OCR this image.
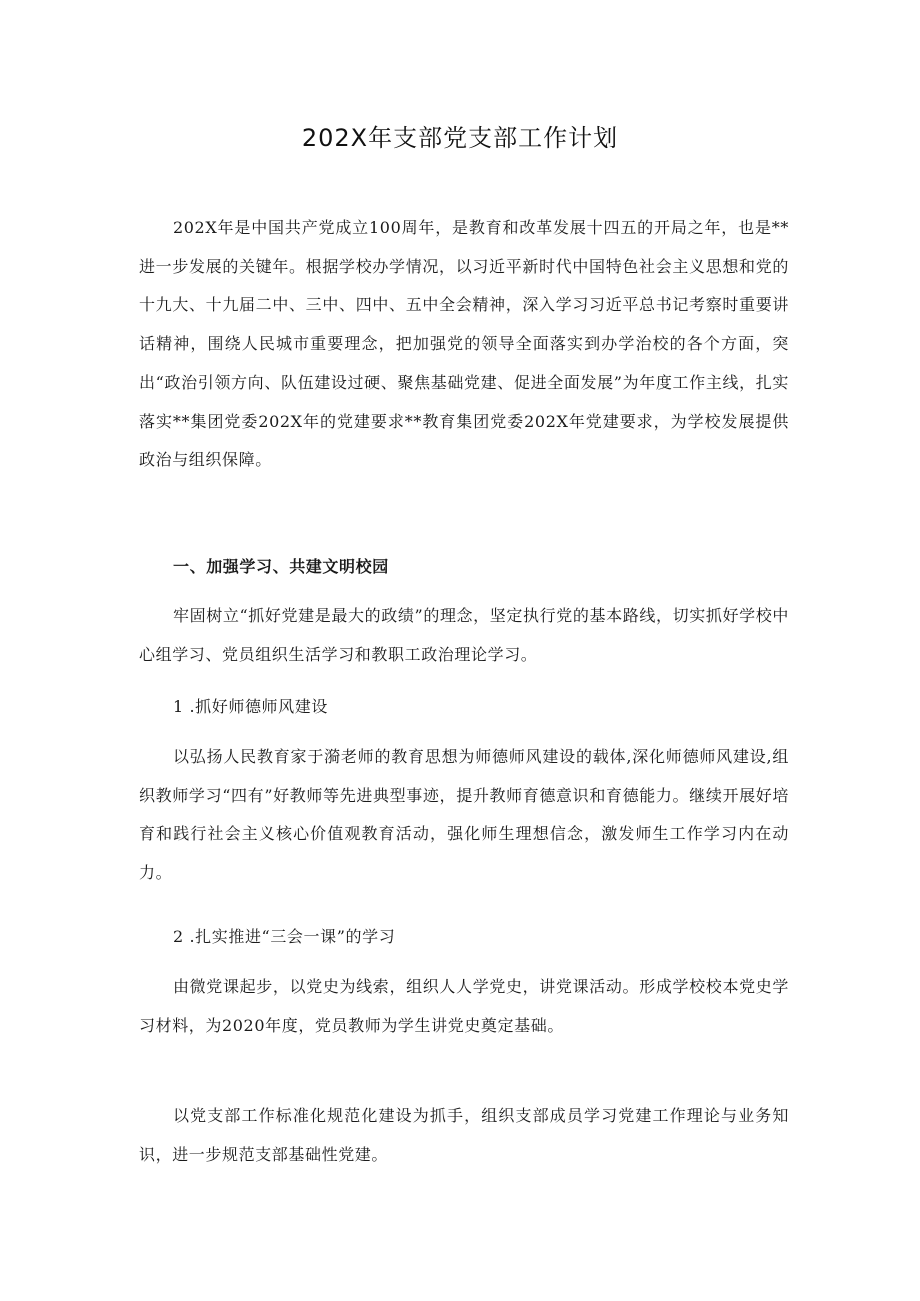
202X年支部党支部工作计划

202X年是中国共产党成立100周年，是教育和改革发展十四五的开局之年，也是**进一步发展的关键年。根据学校办学情况，以习近平新时代中国特色社会主义思想和党的十九大、十九届二中、三中、四中、五中全会精神，深入学习习近平总书记考察时重要讲话精神，围绕人民城市重要理念，把加强党的领导全面落实到办学治校的各个方面，突出“政治引领方向、队伍建设过硬、聚焦基础党建、促进全面发展”为年度工作主线，扎实落实**集团党委202X年的党建要求**教育集团党委202X年党建要求，为学校发展提供政治与组织保障。

一、加强学习、共建文明校园

牢固树立“抓好党建是最大的政绩”的理念，坚定执行党的基本路线，切实抓好学校中心组学习、党员组织生活学习和教职工政治理论学习。

1 .抓好师德师风建设

以弘扬人民教育家于漪老师的教育思想为师德师风建设的载体,深化师德师风建设,组织教师学习“四有”好教师等先进典型事迹，提升教师育德意识和育德能力。继续开展好培育和践行社会主义核心价值观教育活动，强化师生理想信念，激发师生工作学习内在动力。

2 .扎实推进“三会一课”的学习

由微党课起步，以党史为线索，组织人人学党史，讲党课活动。形成学校校本党史学习材料，为2020年度，党员教师为学生讲党史奠定基础。

以党支部工作标准化规范化建设为抓手，组织支部成员学习党建工作理论与业务知识，进一步规范支部基础性党建。
